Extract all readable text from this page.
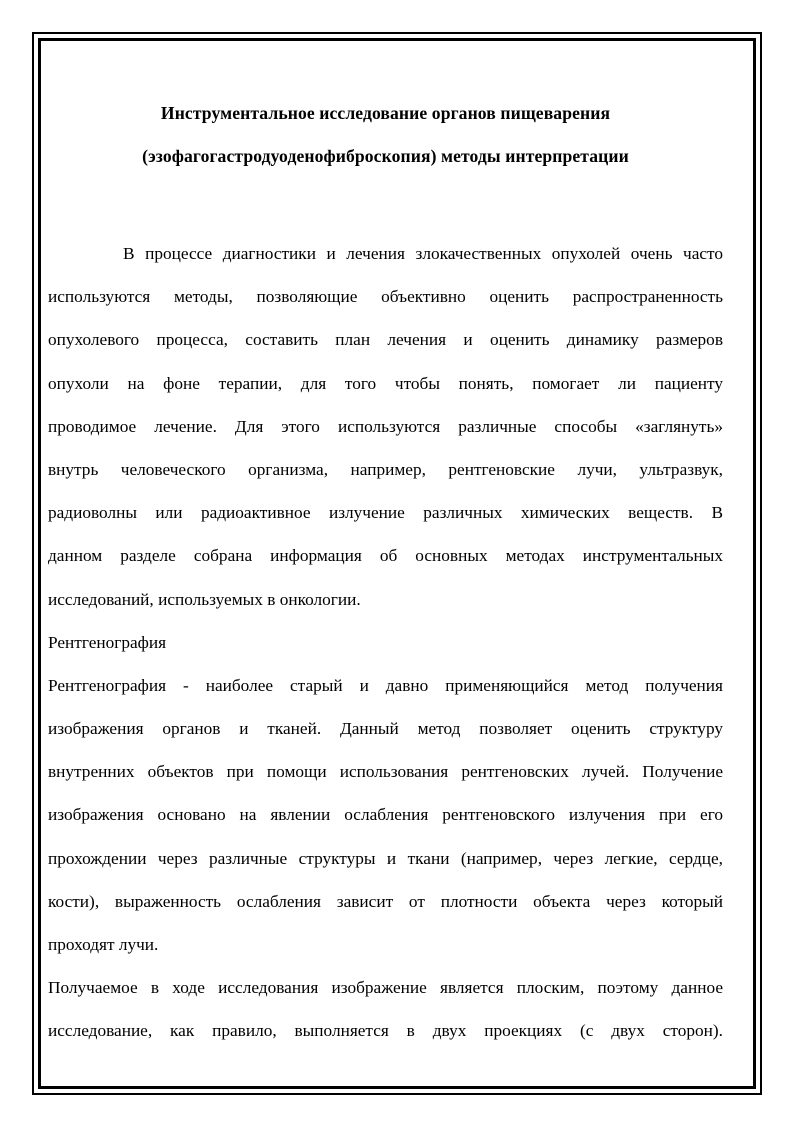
Инструментальное исследование органов пищеварения
(эзофагогастродуоденофиброскопия) методы интерпретации
В процессе диагностики и лечения злокачественных опухолей очень часто
используются методы, позволяющие объективно оценить распространенность
опухолевого процесса, составить план лечения и оценить динамику размеров
опухоли на фоне терапии, для того чтобы понять, помогает ли пациенту
проводимое лечение. Для этого используются различные способы «заглянуть»
внутрь человеческого организма, например, рентгеновские лучи, ультразвук,
радиоволны или радиоактивное излучение различных химических веществ. В
данном разделе собрана информация об основных методах инструментальных
исследований, используемых в онкологии.
Рентгенография
Рентгенография - наиболее старый и давно применяющийся метод получения
изображения органов и тканей. Данный метод позволяет оценить структуру
внутренних объектов при помощи использования рентгеновских лучей. Получение
изображения основано на явлении ослабления рентгеновского излучения при его
прохождении через различные структуры и ткани (например, через легкие, сердце,
кости), выраженность ослабления зависит от плотности объекта через который
проходят лучи.
Получаемое в ходе исследования изображение является плоским, поэтому данное
исследование, как правило, выполняется в двух проекциях (с двух сторон).
